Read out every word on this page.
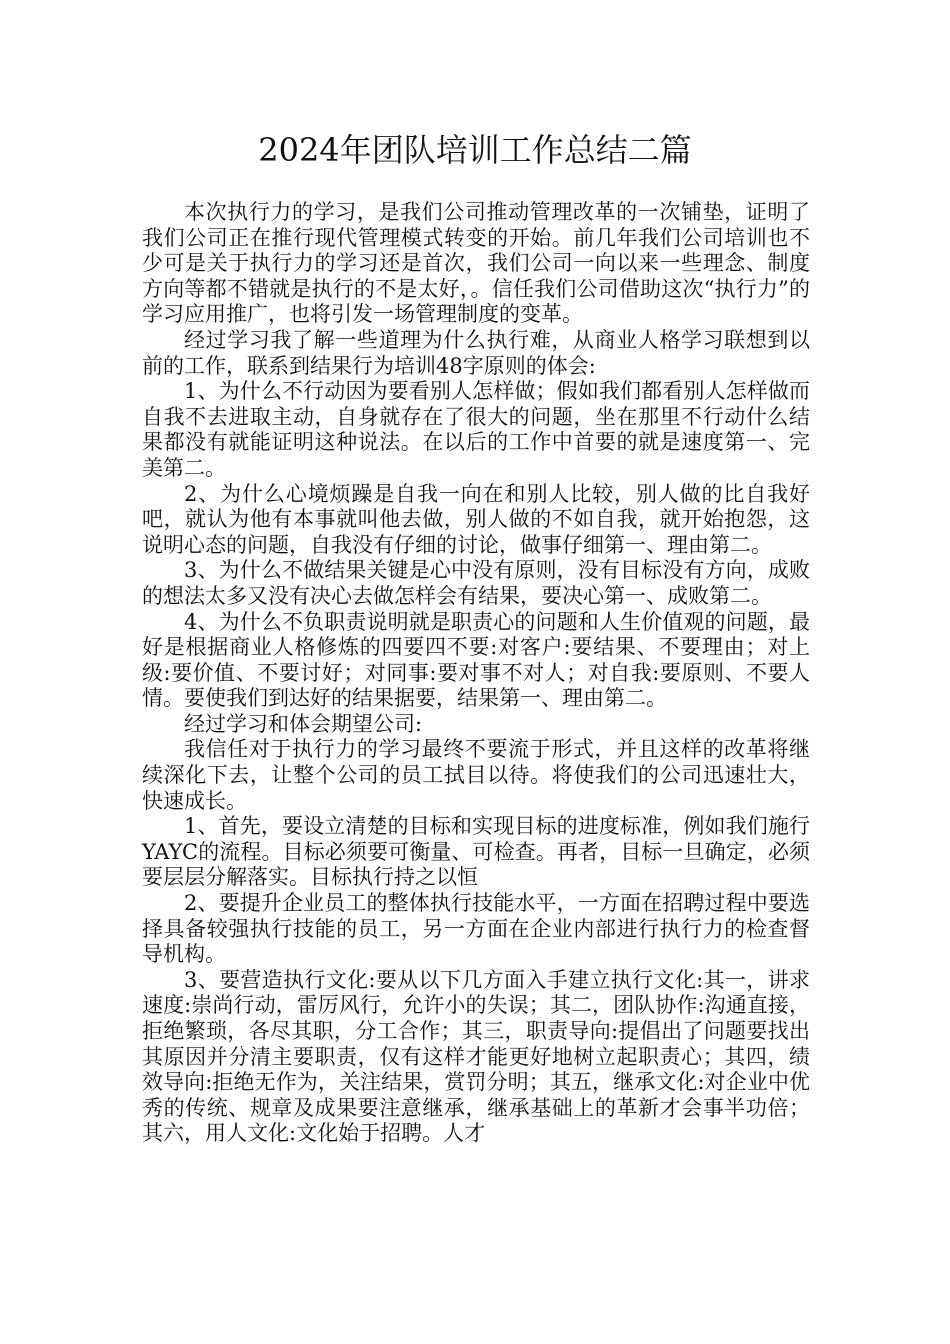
2024年团队培训工作总结二篇

本次执行力的学习，是我们公司推动管理改革的一次铺垫，证明了我们公司正在推行现代管理模式转变的开始。前几年我们公司培训也不少可是关于执行力的学习还是首次，我们公司一向以来一些理念、制度方向等都不错就是执行的不是太好，。信任我们公司借助这次“执行力”的学习应用推广，也将引发一场管理制度的变革。

经过学习我了解一些道理为什么执行难，从商业人格学习联想到以前的工作，联系到结果行为培训48字原则的体会:

1、为什么不行动因为要看别人怎样做；假如我们都看别人怎样做而自我不去进取主动，自身就存在了很大的问题，坐在那里不行动什么结果都没有就能证明这种说法。在以后的工作中首要的就是速度第一、完美第二。

2、为什么心境烦躁是自我一向在和别人比较，别人做的比自我好吧，就认为他有本事就叫他去做，别人做的不如自我，就开始抱怨，这说明心态的问题，自我没有仔细的讨论，做事仔细第一、理由第二。

3、为什么不做结果关键是心中没有原则，没有目标没有方向，成败的想法太多又没有决心去做怎样会有结果，要决心第一、成败第二。

4、为什么不负职责说明就是职责心的问题和人生价值观的问题，最好是根据商业人格修炼的四要四不要:对客户:要结果、不要理由；对上级:要价值、不要讨好；对同事:要对事不对人；对自我:要原则、不要人情。要使我们到达好的结果据要，结果第一、理由第二。

经过学习和体会期望公司:

我信任对于执行力的学习最终不要流于形式，并且这样的改革将继续深化下去，让整个公司的员工拭目以待。将使我们的公司迅速壮大，快速成长。

1、首先，要设立清楚的目标和实现目标的进度标准，例如我们施行YAYC的流程。目标必须要可衡量、可检查。再者，目标一旦确定，必须要层层分解落实。目标执行持之以恒

2、要提升企业员工的整体执行技能水平，一方面在招聘过程中要选择具备较强执行技能的员工，另一方面在企业内部进行执行力的检查督导机构。

3、要营造执行文化:要从以下几方面入手建立执行文化:其一，讲求速度:崇尚行动，雷厉风行，允许小的失误；其二，团队协作:沟通直接，拒绝繁琐，各尽其职，分工合作；其三，职责导向:提倡出了问题要找出其原因并分清主要职责，仅有这样才能更好地树立起职责心；其四，绩效导向:拒绝无作为，关注结果，赏罚分明；其五，继承文化:对企业中优秀的传统、规章及成果要注意继承，继承基础上的革新才会事半功倍；其六，用人文化:文化始于招聘。人才
